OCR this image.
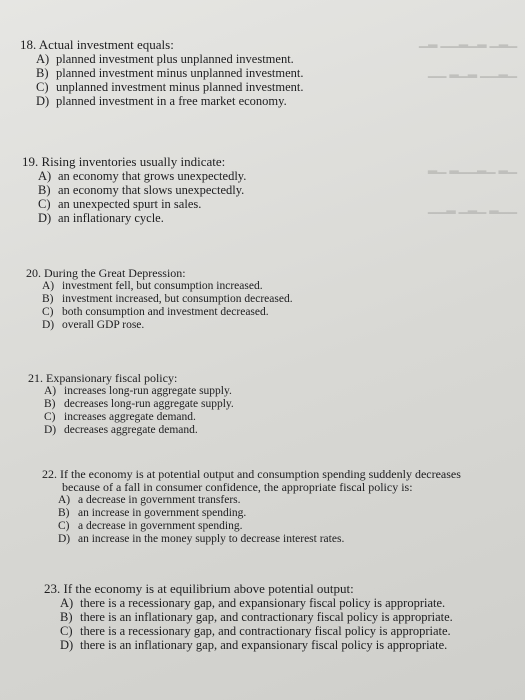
▁▂▁ ▂▁▂▁▁ ▂▁
▁▂▁▁ ▂▁▂ ▁▁
▁▂ ▁▂▁▁▂ ▁▂
▁▁▂ ▁▂▁ ▂▁▁
18. Actual investment equals:
A) planned investment plus unplanned investment.
B) planned investment minus unplanned investment.
C) unplanned investment minus planned investment.
D) planned investment in a free market economy.
19. Rising inventories usually indicate:
A) an economy that grows unexpectedly.
B) an economy that slows unexpectedly.
C) an unexpected spurt in sales.
D) an inflationary cycle.
20. During the Great Depression:
A) investment fell, but consumption increased.
B) investment increased, but consumption decreased.
C) both consumption and investment decreased.
D) overall GDP rose.
21. Expansionary fiscal policy:
A) increases long-run aggregate supply.
B) decreases long-run aggregate supply.
C) increases aggregate demand.
D) decreases aggregate demand.
22. If the economy is at potential output and consumption spending suddenly decreases
because of a fall in consumer confidence, the appropriate fiscal policy is:
A) a decrease in government transfers.
B) an increase in government spending.
C) a decrease in government spending.
D) an increase in the money supply to decrease interest rates.
23. If the economy is at equilibrium above potential output:
A) there is a recessionary gap, and expansionary fiscal policy is appropriate.
B) there is an inflationary gap, and contractionary fiscal policy is appropriate.
C) there is a recessionary gap, and contractionary fiscal policy is appropriate.
D) there is an inflationary gap, and expansionary fiscal policy is appropriate.
